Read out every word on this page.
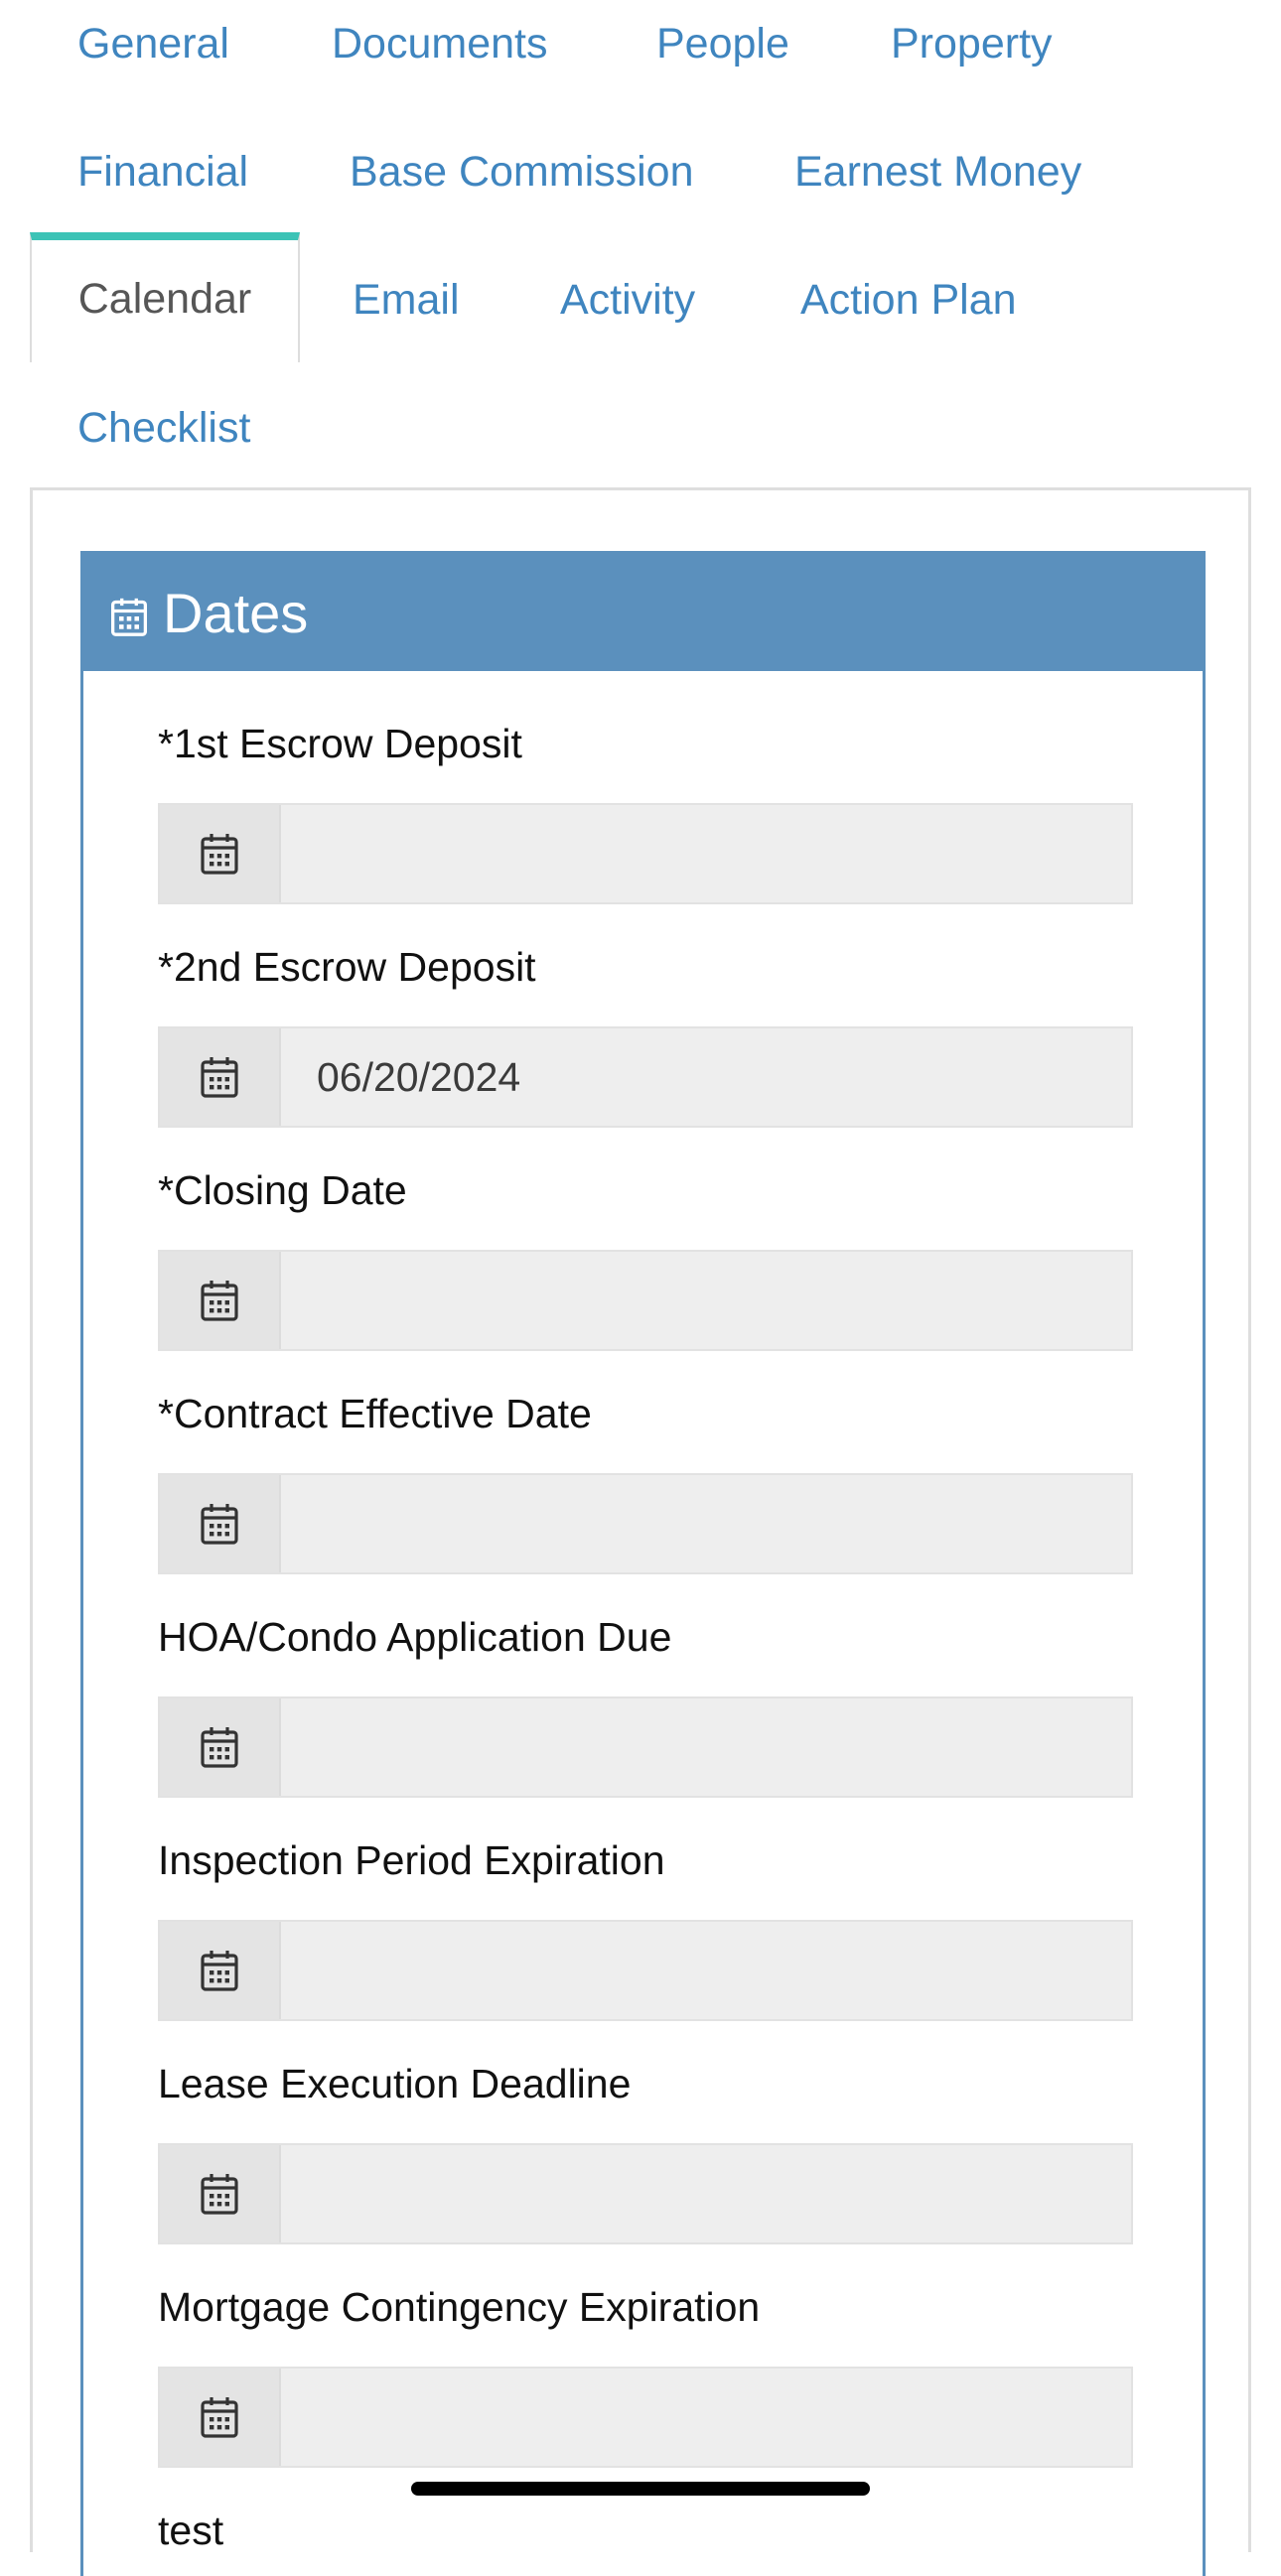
General Documents	People Property
Financial Base Commission Earnest Money
Calendar Email Activity Action Plan
Checklist
Dates
*1st Escrow Deposit
*2nd Escrow Deposit
06/20/2024
*Closing Date
*Contract Effective Date
HOA/Condo Application Due
Inspection Period Expiration
Lease Execution Deadline
Mortgage Contingency Expiration
test
